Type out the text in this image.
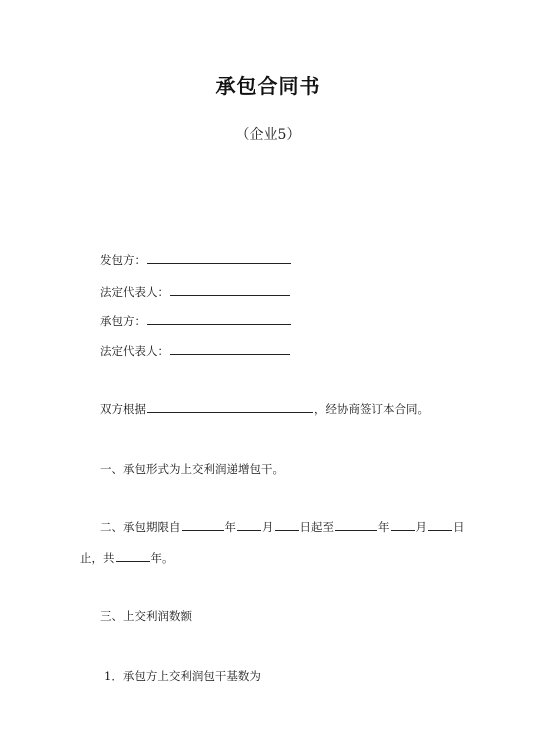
承包合同书
（企业5）
发包方：
法定代表人：
承包方：
法定代表人：
双方根据	，经协商签订本合同。
一、承包形式为上交利润递增包干。
二、承包期限自	年 月 日起至	年 月 日
止，共	年。
三、上交利润数额
1．承包方上交利润包干基数为
